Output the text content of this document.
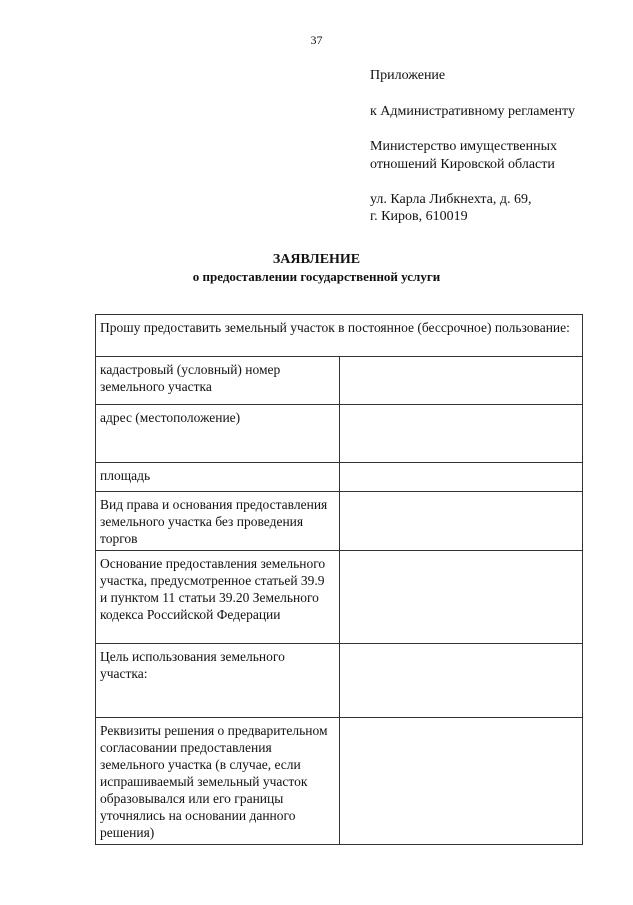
37
Приложение
к Административному регламенту
Министерство имущественных
отношений Кировской области
ул. Карла Либкнехта, д. 69,
г. Киров, 610019
ЗАЯВЛЕНИЕ
о предоставлении государственной услуги
Прошу предоставить земельный участок в постоянное (бессрочное) пользование:	
кадастровый (условный) номер земельного участка	
адрес (местоположение)	
площадь	
Вид права и основания предоставления земельного участка без проведения торгов	
Основание предоставления земельного участка, предусмотренное статьей 39.9 и пунктом 11 статьи 39.20 Земельного кодекса Российской Федерации	
Цель использования земельного участка:	
Реквизиты решения о предварительном согласовании предоставления земельного участка (в случае, если испрашиваемый земельный участок образовывался или его границы уточнялись на основании данного решения)	
